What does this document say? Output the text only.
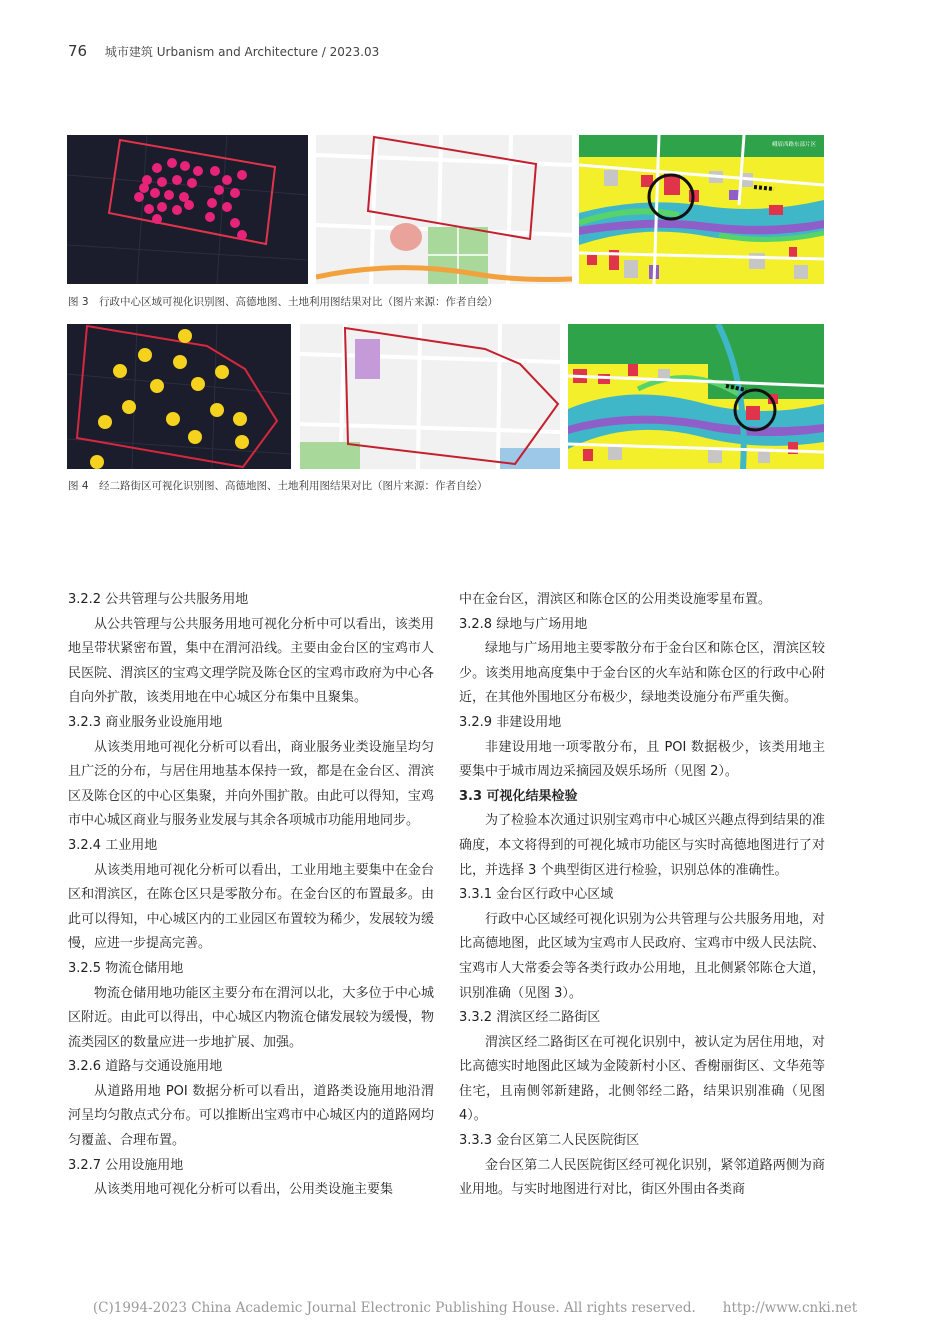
76 城市建筑 Urbanism and Architecture / 2023.03
峨眉西路东部片区
图 3　行政中心区域可视化识别图、高德地图、土地利用图结果对比（图片来源：作者自绘）
图 4　经二路街区可视化识别图、高德地图、土地利用图结果对比（图片来源：作者自绘）

3.2.2 公共管理与公共服务用地

从公共管理与公共服务用地可视化分析中可以看出，该类用地呈带状紧密布置，集中在渭河沿线。主要由金台区的宝鸡市人民医院、渭滨区的宝鸡文理学院及陈仓区的宝鸡市政府为中心各自向外扩散，该类用地在中心城区分布集中且聚集。

3.2.3 商业服务业设施用地

从该类用地可视化分析可以看出，商业服务业类设施呈均匀且广泛的分布，与居住用地基本保持一致，都是在金台区、渭滨区及陈仓区的中心区集聚，并向外围扩散。由此可以得知，宝鸡市中心城区商业与服务业发展与其余各项城市功能用地同步。

3.2.4 工业用地

从该类用地可视化分析可以看出，工业用地主要集中在金台区和渭滨区，在陈仓区只是零散分布。在金台区的布置最多。由此可以得知，中心城区内的工业园区布置较为稀少，发展较为缓慢，应进一步提高完善。

3.2.5 物流仓储用地

物流仓储用地功能区主要分布在渭河以北，大多位于中心城区附近。由此可以得出，中心城区内物流仓储发展较为缓慢，物流类园区的数量应进一步地扩展、加强。

3.2.6 道路与交通设施用地

从道路用地 POI 数据分析可以看出，道路类设施用地沿渭河呈均匀散点式分布。可以推断出宝鸡市中心城区内的道路网均匀覆盖、合理布置。

3.2.7 公用设施用地

从该类用地可视化分析可以看出，公用类设施主要集

中在金台区，渭滨区和陈仓区的公用类设施零星布置。

3.2.8 绿地与广场用地

绿地与广场用地主要零散分布于金台区和陈仓区，渭滨区较少。该类用地高度集中于金台区的火车站和陈仓区的行政中心附近，在其他外围地区分布极少，绿地类设施分布严重失衡。

3.2.9 非建设用地

非建设用地一项零散分布，且 POI 数据极少，该类用地主要集中于城市周边采摘园及娱乐场所（见图 2）。

3.3 可视化结果检验

为了检验本次通过识别宝鸡市中心城区兴趣点得到结果的准确度，本文将得到的可视化城市功能区与实时高德地图进行了对比，并选择 3 个典型街区进行检验，识别总体的准确性。

3.3.1 金台区行政中心区域

行政中心区域经可视化识别为公共管理与公共服务用地，对比高德地图，此区域为宝鸡市人民政府、宝鸡市中级人民法院、宝鸡市人大常委会等各类行政办公用地，且北侧紧邻陈仓大道，识别准确（见图 3）。

3.3.2 渭滨区经二路街区

渭滨区经二路街区在可视化识别中，被认定为居住用地，对比高德实时地图此区域为金陵新村小区、香榭丽街区、文华苑等住宅，且南侧邻新建路，北侧邻经二路，结果识别准确（见图 4）。

3.3.3 金台区第二人民医院街区

金台区第二人民医院街区经可视化识别，紧邻道路两侧为商业用地。与实时地图进行对比，街区外围由各类商

(C)1994-2023 China Academic Journal Electronic Publishing House. All rights reserved.　　http://www.cnki.net
